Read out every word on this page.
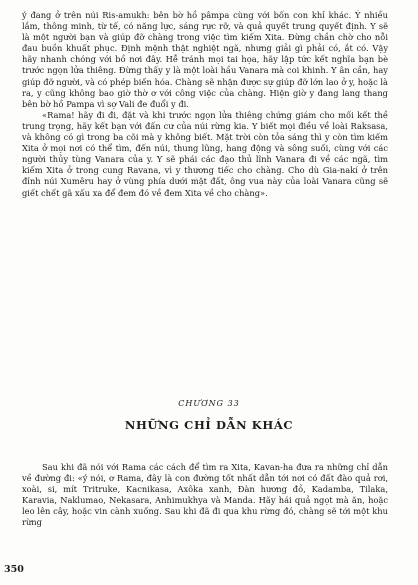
ý đang ở trên núi Ris-amukh: bên bờ hồ pâmpa cùng với bốn con khỉ khác. Ý nhiều lắm, thông minh, từ tế, có năng lực, sáng rực rỡ, và quả quyết trung quyết định. Y sẽ là một người bạn và giúp đỡ chàng trong việc tìm kiếm Xita. Đừng chần chờ cho nỗi đau buồn khuất phục. Định mệnh thật nghiệt ngã, nhưng giải gì phải có, ắt có. Vậy hãy nhanh chóng với bồ nơi đây. Hễ tránh mọi tai họa, hãy lập tức kết nghĩa bạn bè trước ngọn lửa thiêng. Đừng thấy y là một loài hầu Vanara mà coi khinh. Y ân cần, hay giúp đỡ người, và có phép biến hóa. Chàng sẽ nhận được sự giúp đỡ lớn lao ở y, hoặc là ra, y cũng không bao giờ thờ ơ với công việc của chàng. Hiện giờ y đang lang thang bên bờ hồ Pampa vì sợ Vali đe đuổi y đi.

«Rama! hãy đi đi, đặt và khi trước ngọn lửa thiêng chứng giám cho mối kết thề trung trọng, hãy kết bạn với đấn cư của núi rừng kia. Y biết mọi điều về loài Raksasa, và không có gì trong ba cõi mà y không biết. Mặt trời còn tỏa sáng thì y còn tìm kiếm Xita ở mọi nơi có thể tìm, đến núi, thung lũng, hang động và sông suối, cùng với các người thủy tùng Vanara của y. Y sẽ phái các đạo thủ lĩnh Vanara đi về các ngã, tìm kiếm Xita ở trong cung Ravana, vì y thương tiếc cho chàng. Cho dù Gia-nakí ở trên đỉnh núi Xumêru hay ở vùng phía dưới mặt đất, ông vua này của loài Vanara cũng sẽ giết chết gã xấu xa để đem đó về đem Xita về cho chàng».

CHƯƠNG 33
NHỮNG CHỈ DẪN KHÁC

Sau khi đã nói với Rama các cách để tìm ra Xita, Kavan-ha đưa ra những chỉ dẫn về đường đi: «ý nói, ơ Rama, đây là con đường tốt nhất dẫn tới nơi có đất đào quả rơi, xoài, si, mít Tritruke, Kacnikasa, Axôka xanh, Đàn hương đỏ, Kadamba, Tilaka, Karavia, Naklumao, Nekasara, Anhimukhya và Manda. Hãy hái quả ngọt mà ăn, hoặc leo lên cây, hoặc vin cành xuống. Sau khi đã đi qua khu rừng đó, chàng sẽ tới một khu rừng

350
